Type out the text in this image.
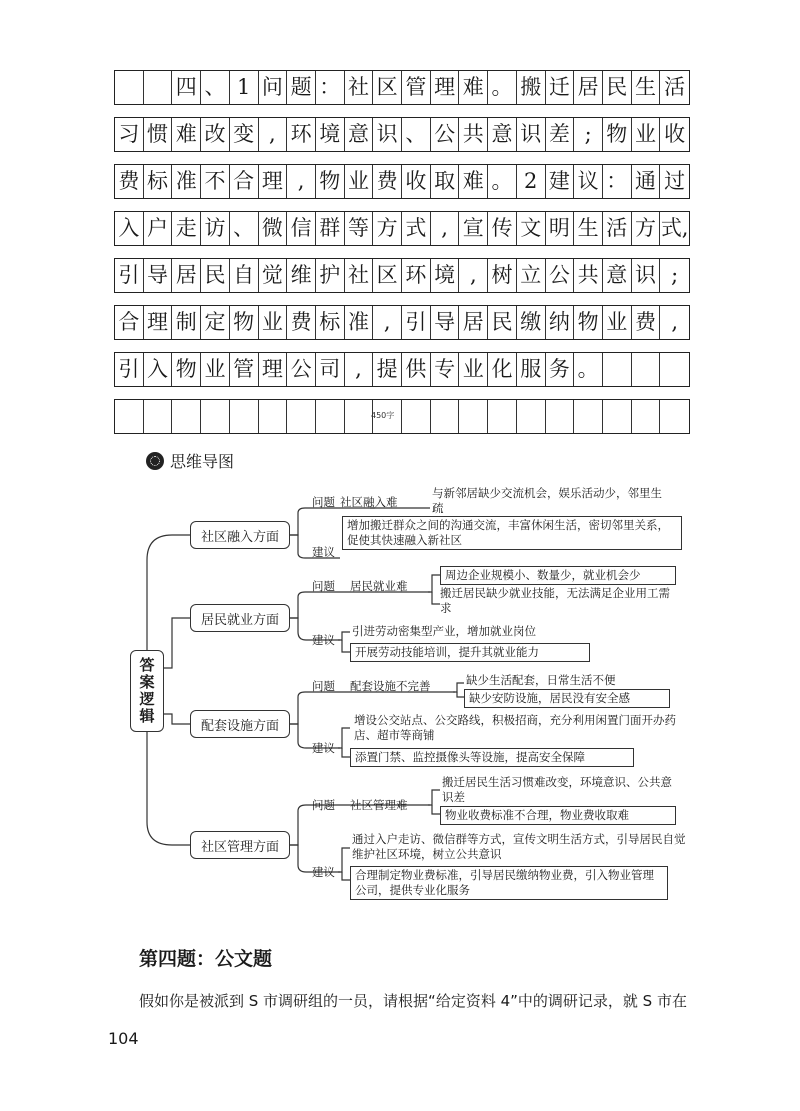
四 、 1 问 题 ： 社 区 管 理 难 。 搬 迁 居 民 生 活
习 惯 难 改 变 , 环 境 意 识 、 公 共 意 识 差 ; 物 业 收
费 标 准 不 合 理 , 物 业 费 收 取 难 。 2 建 议 ： 通 过
入 户 走 访 、 微 信 群 等 方 式 , 宣 传 文 明 生 活 方 式,
引 导 居 民 自 觉 维 护 社 区 环 境 , 树 立 公 共 意 识 ;
合 理 制 定 物 业 费 标 准 , 引 导 居 民 缴 纳 物 业 费 ,
引 入 物 业 管 理 公 司 , 提 供 专 业 化 服 务 。
450字
思维导图
答案逻辑
社区融入方面
居民就业方面
配套设施方面
社区管理方面
问题 社区融入难
与新邻居缺少交流机会，娱乐活动少，邻里生疏
建议
增加搬迁群众之间的沟通交流，丰富休闲生活，密切邻里关系，促使其快速融入新社区
问题 居民就业难
周边企业规模小、数量少，就业机会少
搬迁居民缺少就业技能，无法满足企业用工需求
建议
引进劳动密集型产业，增加就业岗位
开展劳动技能培训，提升其就业能力
问题 配套设施不完善	缺少生活配套，日常生活不便
缺少安防设施，居民没有安全感
建议
增设公交站点、公交路线，积极招商，充分利用闲置门面开办药店、超市等商铺
添置门禁、监控摄像头等设施，提高安全保障
问题 社区管理难
搬迁居民生活习惯难改变，环境意识、公共意识差
物业收费标准不合理，物业费收取难
建议
通过入户走访、微信群等方式，宣传文明生活方式，引导居民自觉维护社区环境，树立公共意识
合理制定物业费标准，引导居民缴纳物业费，引入物业管理公司，提供专业化服务
第四题：公文题
假如你是被派到 S 市调研组的一员，请根据“给定资料 4”中的调研记录，就 S 市在
104
